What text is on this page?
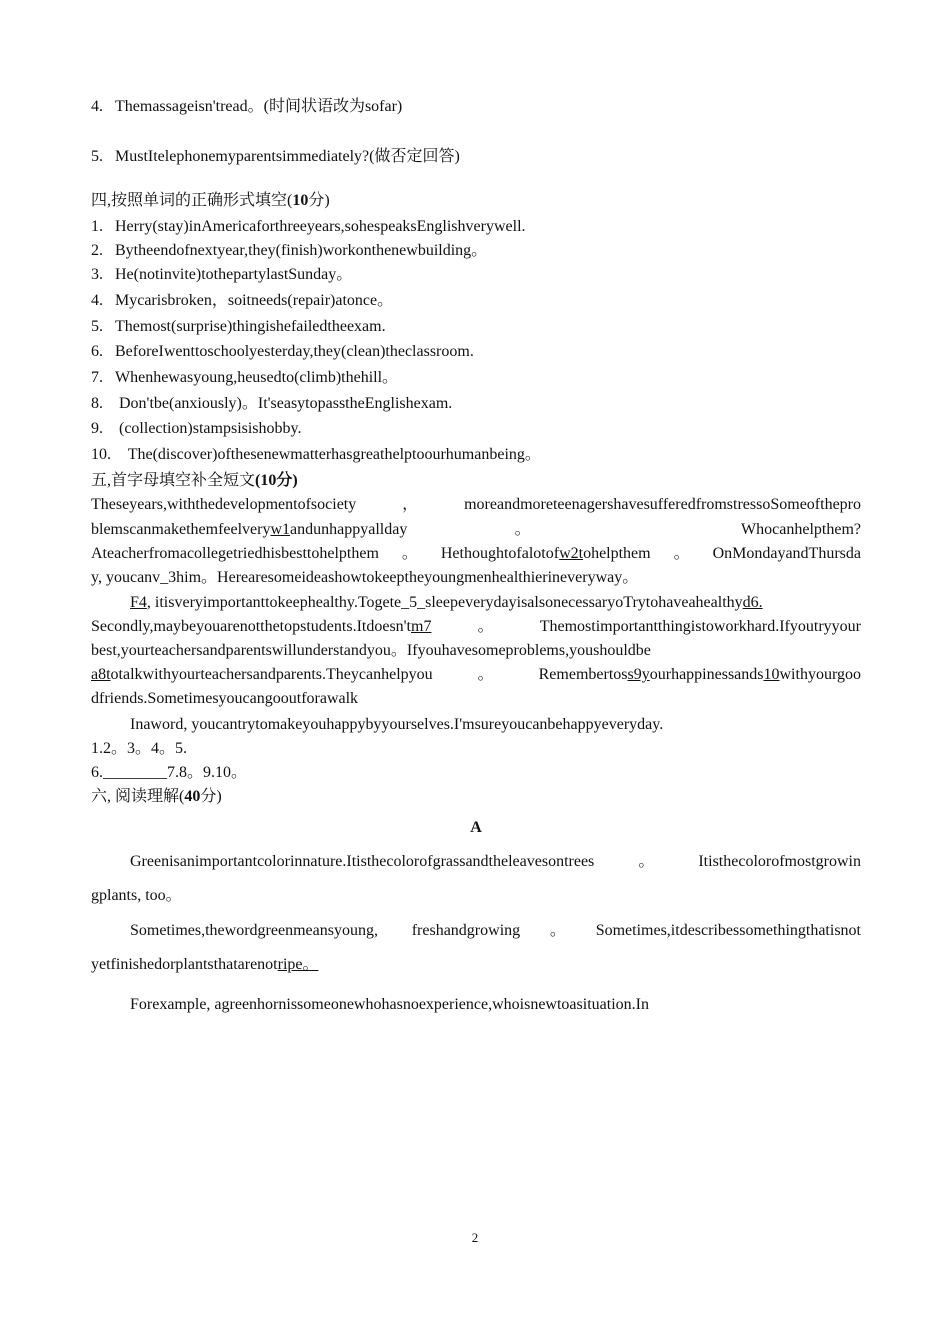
4. Themassageisn'tread。(时间状语改为sofar)
5. MustItelephonemyparentsimmediately?(做否定回答)
四,按照单词的正确形式填空(10分)
1. Herry(stay)inAmericaforthreeyears,sohespeaksEnglishverywell.
2. Bytheendofnextyear,they(finish)workonthenewbuilding。
3. He(notinvite)tothepartylastSunday。
4. Mycarisbroken，soitneeds(repair)atonce。
5. Themost(surprise)thingishefailedtheexam.
6. BeforeIwenttoschoolyesterday,they(clean)theclassroom.
7. Whenhewasyoung,heusedto(climb)thehill。
8. Don'tbe(anxiously)。It'seasytopasstheEnglishexam.
9. (collection)stampsisishobby.
10. The(discover)ofthesenewmatterhasgreathelptoourhumanbeing。
五,首字母填空补全短文(10分)
Theseyears,withthedevelopmentofsociety，moreandmoreteenagershavesufferedfromstressoSomeofthepro
blemscanmakethemfeelveryw1andunhappyallday	。	Whocanhelpthem?
Ateacherfromacollegetriedhisbesttohelpthem。Hethoughtofalotofw2tohelpthem。OnMondayandThursda
y, youcanv_3him。Herearesomeideashowtokeeptheyoungmenhealthierineveryway。
F4, itisveryimportanttokeephealthy.Togete_5_sleepeverydayisalsonecessaryoTrytohaveahealthyd6.
Secondly,maybeyouarenotthetopstudents.Itdoesn'tm7。Themostimportantthingistoworkhard.Ifyoutryyour
best,yourteachersandparentswillunderstandyou。Ifyouhavesomeproblems,youshouldbe
a8totalkwithyourteachersandparents.Theycanhelpyou。Remembertoss9yourhappinessands10withyourgoo
dfriends.Sometimesyoucangooutforawalk
Inaword, youcantrytomakeyouhappybyyourselves.I'msureyoucanbehappyeveryday.
1.2。3。4。5.
6.________7.8。9.10。
六, 阅读理解(40分)
A
Greenisanimportantcolorinnature.Itisthecolorofgrassandtheleavesontrees。Itisthecolorofmostgrowin
gplants, too。
Sometimes,thewordgreenmeansyoung, freshandgrowing。Sometimes,itdescribessomethingthatisnot
yetfinishedorplantsthatarenotripe。
Forexample, agreenhornissomeonewhohasnoexperience,whoisnewtoasituation.In
2
